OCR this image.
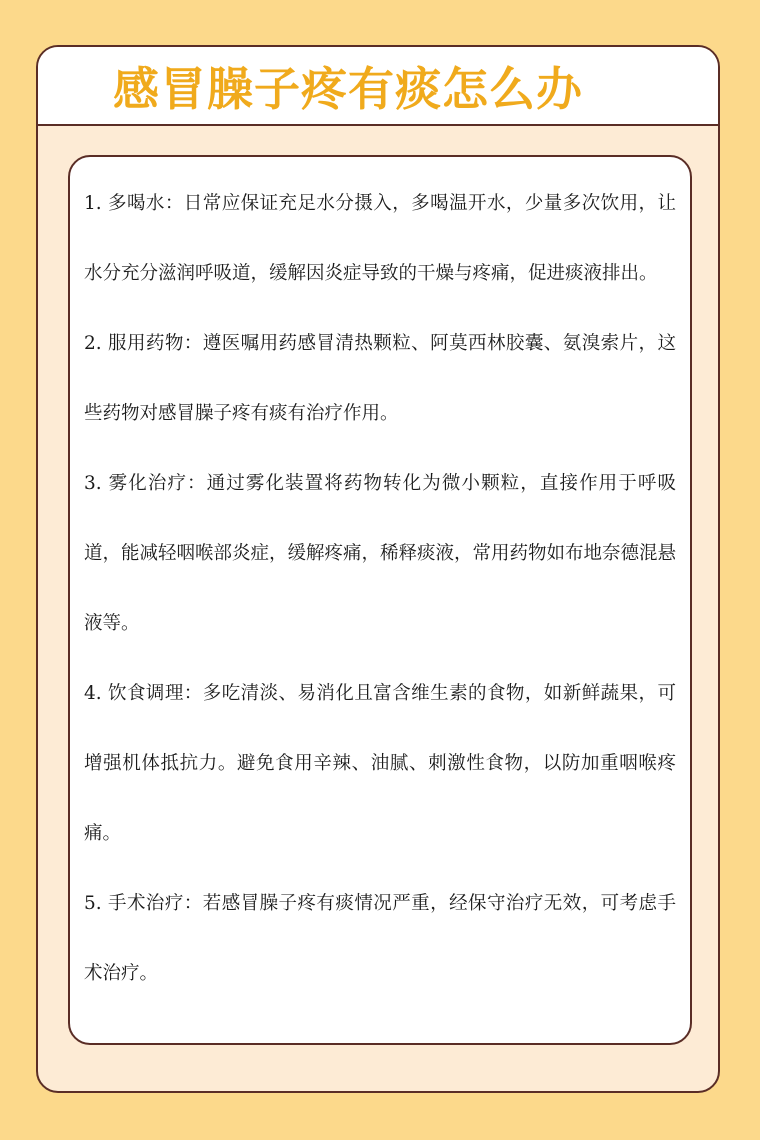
感冒臊子疼有痰怎么办

1. 多喝水：日常应保证充足水分摄入，多喝温开水，少量多次饮用，让水分充分滋润呼吸道，缓解因炎症导致的干燥与疼痛，促进痰液排出。

2. 服用药物：遵医嘱用药感冒清热颗粒、阿莫西林胶囊、氨溴索片，这些药物对感冒臊子疼有痰有治疗作用。

3. 雾化治疗：通过雾化装置将药物转化为微小颗粒，直接作用于呼吸道，能减轻咽喉部炎症，缓解疼痛，稀释痰液，常用药物如布地奈德混悬液等。

4. 饮食调理：多吃清淡、易消化且富含维生素的食物，如新鲜蔬果，可增强机体抵抗力。避免食用辛辣、油腻、刺激性食物，以防加重咽喉疼痛。

5. 手术治疗：若感冒臊子疼有痰情况严重，经保守治疗无效，可考虑手术治疗。
